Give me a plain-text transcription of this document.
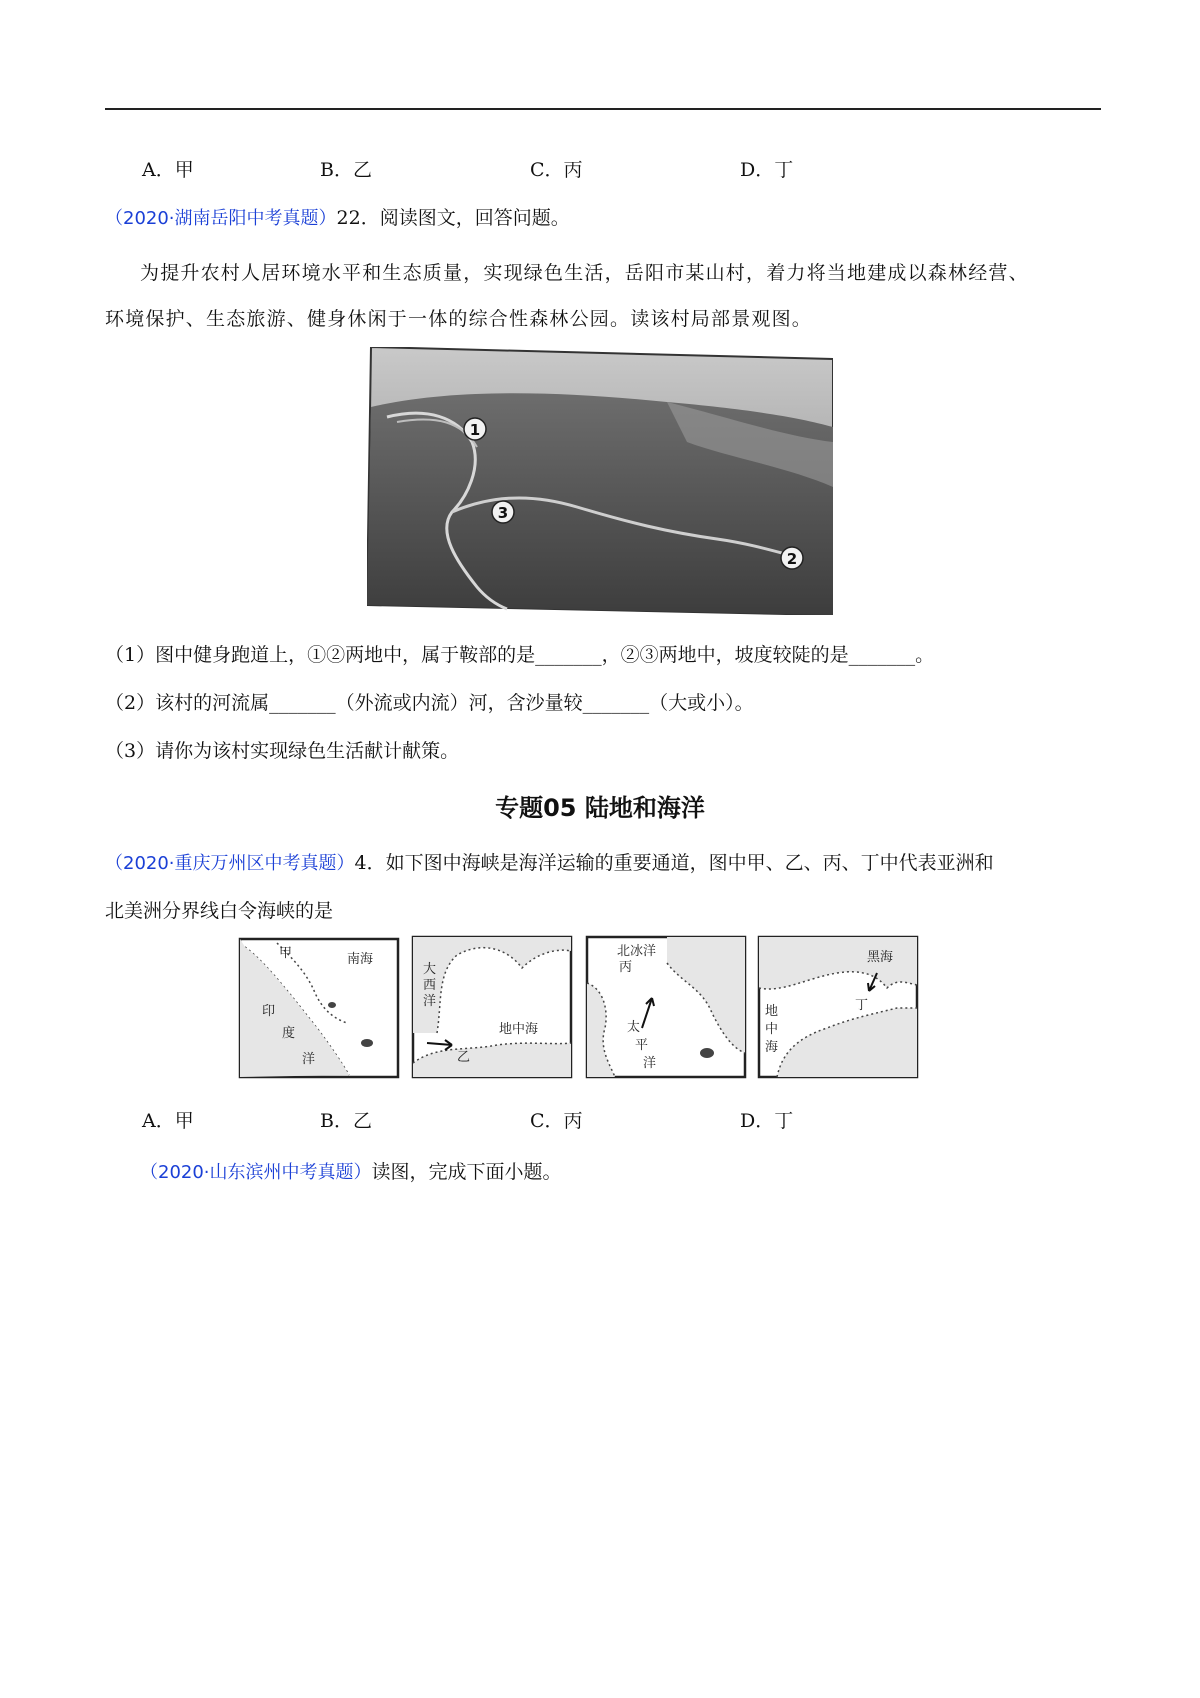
A．甲	B．乙	C．丙	D．丁
（2020·湖南岳阳中考真题）22．阅读图文，回答问题。
为提升农村人居环境水平和生态质量，实现绿色生活，岳阳市某山村，着力将当地建成以森林经营、
环境保护、生态旅游、健身休闲于一体的综合性森林公园。读该村局部景观图。
1
3
2
（1）图中健身跑道上，①②两地中，属于鞍部的是_______，②③两地中，坡度较陡的是_______。
（2）该村的河流属_______（外流或内流）河，含沙量较_______（大或小）。
（3）请你为该村实现绿色生活献计献策。
专题05 陆地和海洋
（2020·重庆万州区中考真题）4．如下图中海峡是海洋运输的重要通道，图中甲、乙、丙、丁中代表亚洲和
北美洲分界线白令海峡的是
甲	南海
印
度
洋
大
西
洋
乙
地中海
北冰洋
丙
太
平
洋
黑海
丁
地
中
海
A．甲	B．乙	C．丙	D．丁
（2020·山东滨州中考真题）读图，完成下面小题。
